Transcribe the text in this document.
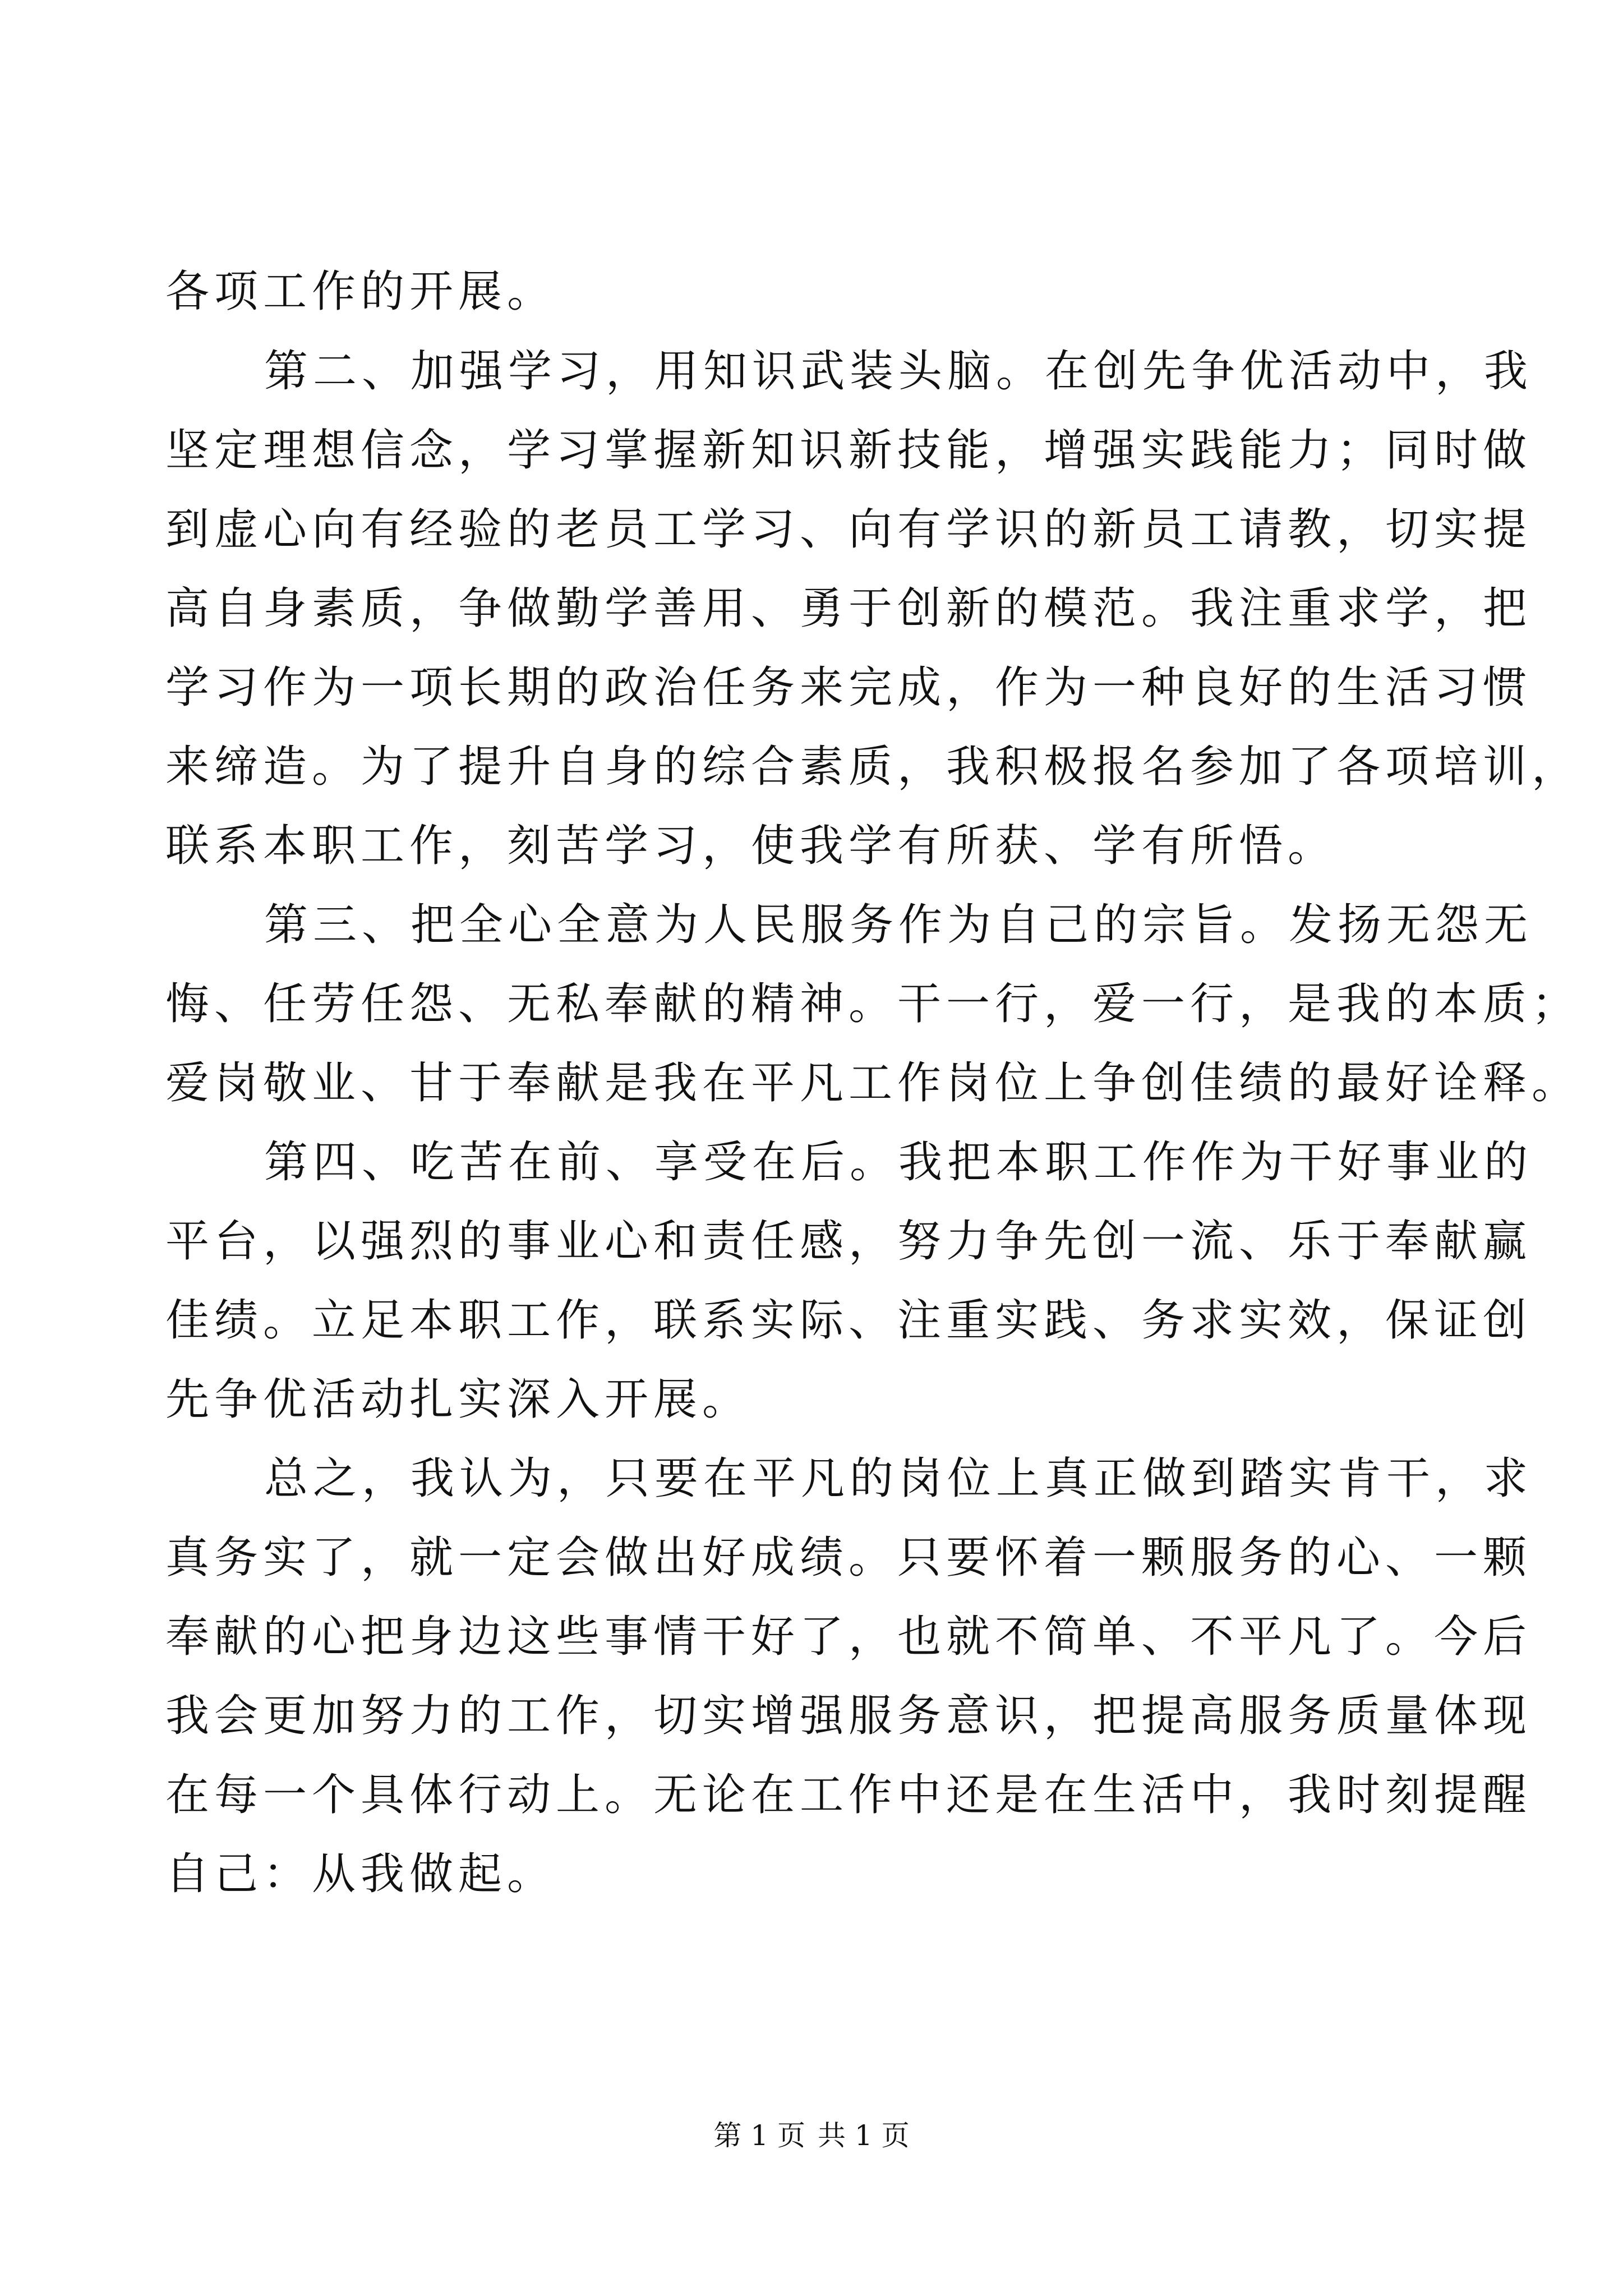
各项工作的开展。
第二、加强学习，用知识武装头脑。在创先争优活动中，我
坚定理想信念，学习掌握新知识新技能，增强实践能力；同时做
到虚心向有经验的老员工学习、向有学识的新员工请教，切实提
高自身素质，争做勤学善用、勇于创新的模范。我注重求学，把
学习作为一项长期的政治任务来完成，作为一种良好的生活习惯
来缔造。为了提升自身的综合素质，我积极报名参加了各项培训，
联系本职工作，刻苦学习，使我学有所获、学有所悟。
第三、把全心全意为人民服务作为自己的宗旨。发扬无怨无
悔、任劳任怨、无私奉献的精神。干一行，爱一行，是我的本质；
爱岗敬业、甘于奉献是我在平凡工作岗位上争创佳绩的最好诠释。
第四、吃苦在前、享受在后。我把本职工作作为干好事业的
平台，以强烈的事业心和责任感，努力争先创一流、乐于奉献赢
佳绩。立足本职工作，联系实际、注重实践、务求实效，保证创
先争优活动扎实深入开展。
总之，我认为，只要在平凡的岗位上真正做到踏实肯干，求
真务实了，就一定会做出好成绩。只要怀着一颗服务的心、一颗
奉献的心把身边这些事情干好了，也就不简单、不平凡了。今后
我会更加努力的工作，切实增强服务意识，把提高服务质量体现
在每一个具体行动上。无论在工作中还是在生活中，我时刻提醒
自己：从我做起。
第 1 页 共 1 页
